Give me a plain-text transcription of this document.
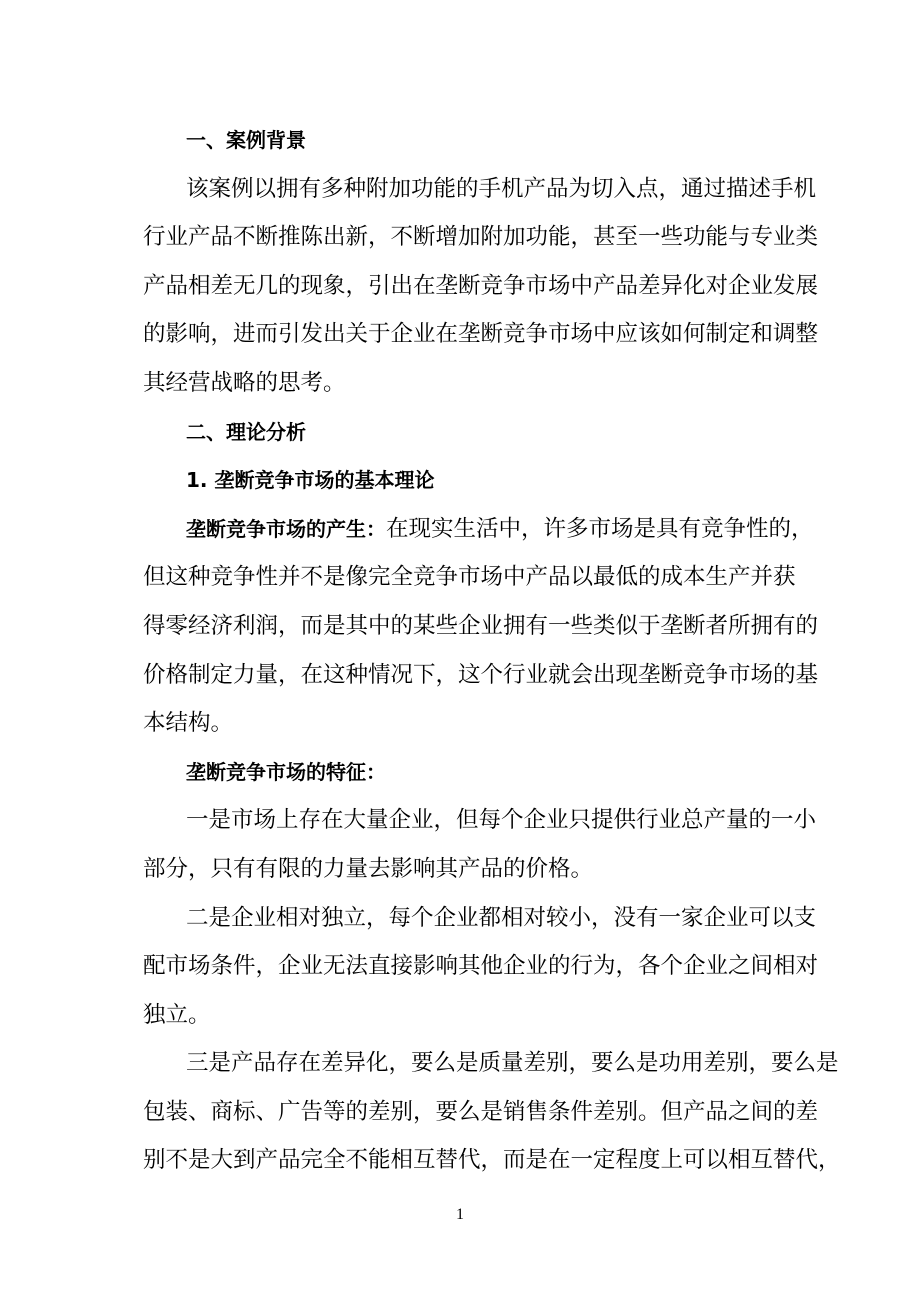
一、案例背景
该案例以拥有多种附加功能的手机产品为切入点，通过描述手机
行业产品不断推陈出新，不断增加附加功能，甚至一些功能与专业类
产品相差无几的现象，引出在垄断竞争市场中产品差异化对企业发展
的影响，进而引发出关于企业在垄断竞争市场中应该如何制定和调整
其经营战略的思考。
二、理论分析
1. 垄断竞争市场的基本理论
垄断竞争市场的产生：在现实生活中，许多市场是具有竞争性的，
但这种竞争性并不是像完全竞争市场中产品以最低的成本生产并获
得零经济利润，而是其中的某些企业拥有一些类似于垄断者所拥有的
价格制定力量，在这种情况下，这个行业就会出现垄断竞争市场的基
本结构。
垄断竞争市场的特征：
一是市场上存在大量企业，但每个企业只提供行业总产量的一小
部分，只有有限的力量去影响其产品的价格。
二是企业相对独立，每个企业都相对较小，没有一家企业可以支
配市场条件，企业无法直接影响其他企业的行为，各个企业之间相对
独立。
三是产品存在差异化，要么是质量差别，要么是功用差别，要么是
包装、商标、广告等的差别，要么是销售条件差别。但产品之间的差
别不是大到产品完全不能相互替代，而是在一定程度上可以相互替代，
1
